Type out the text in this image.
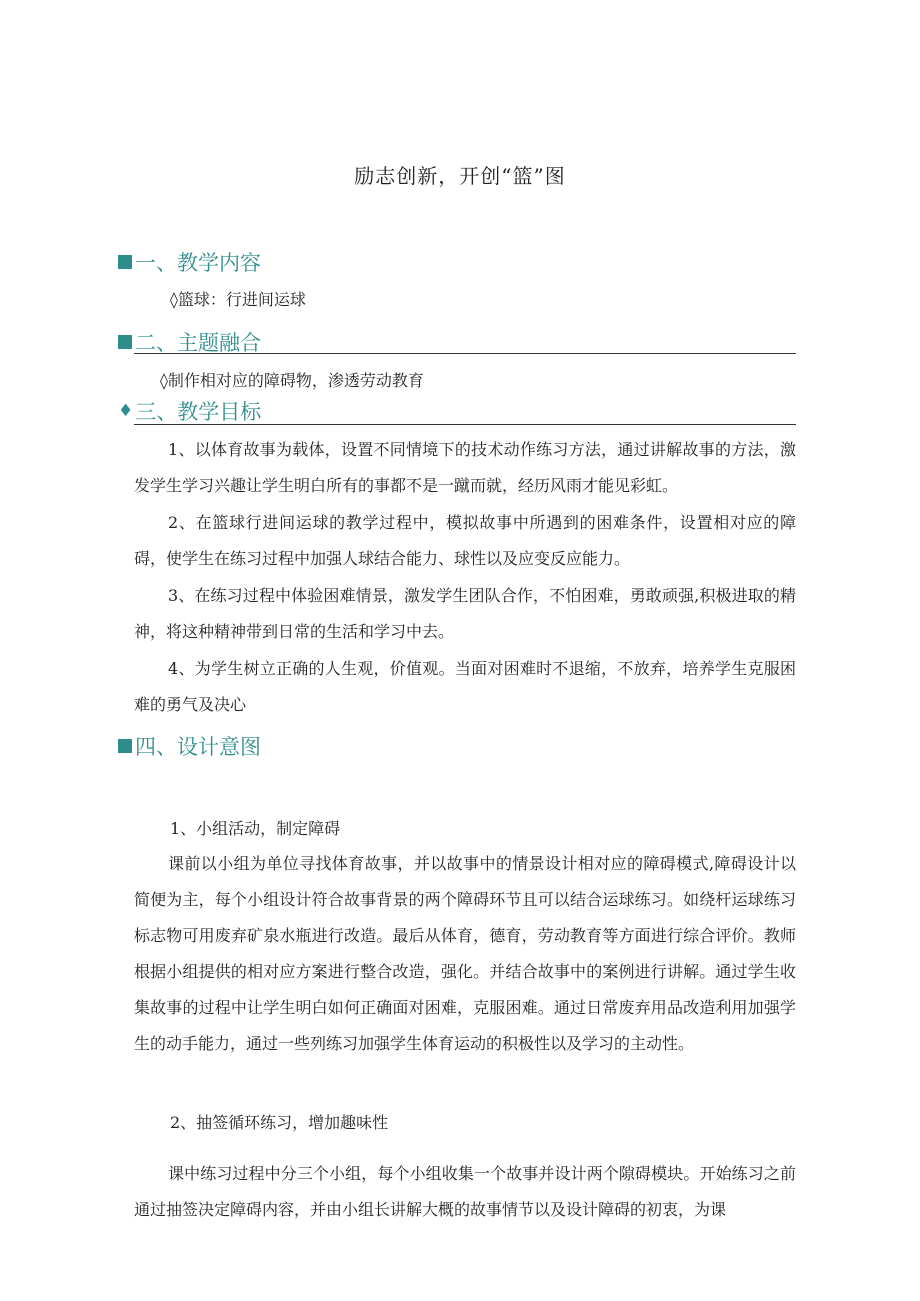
励志创新，开创“篮”图
一、教学内容
◊篮球：行进间运球
二、主题融合
◊制作相对应的障碍物，渗透劳动教育
♦ 三、教学目标
1、以体育故事为载体，设置不同情境下的技术动作练习方法，通过讲解故事的方法，激发学生学习兴趣让学生明白所有的事都不是一蹴而就，经历风雨才能见彩虹。
2、在篮球行进间运球的教学过程中，模拟故事中所遇到的困难条件，设置相对应的障碍，使学生在练习过程中加强人球结合能力、球性以及应变反应能力。
3、在练习过程中体验困难情景，激发学生团队合作，不怕困难，勇敢顽强,积极进取的精神，将这种精神带到日常的生活和学习中去。
4、为学生树立正确的人生观，价值观。当面对困难时不退缩，不放弃，培养学生克服困难的勇气及决心
四、设计意图
1、小组活动，制定障碍
课前以小组为单位寻找体育故事，并以故事中的情景设计相对应的障碍模式,障碍设计以简便为主，每个小组设计符合故事背景的两个障碍环节且可以结合运球练习。如绕杆运球练习标志物可用废弃矿泉水瓶进行改造。最后从体育，德育，劳动教育等方面进行综合评价。教师根据小组提供的相对应方案进行整合改造，强化。并结合故事中的案例进行讲解。通过学生收集故事的过程中让学生明白如何正确面对困难，克服困难。通过日常废弃用品改造利用加强学生的动手能力，通过一些列练习加强学生体育运动的积极性以及学习的主动性。
2、抽签循环练习，增加趣味性
课中练习过程中分三个小组，每个小组收集一个故事并设计两个隙碍模块。开始练习之前通过抽签决定障碍内容，并由小组长讲解大概的故事情节以及设计障碍的初衷，为课
